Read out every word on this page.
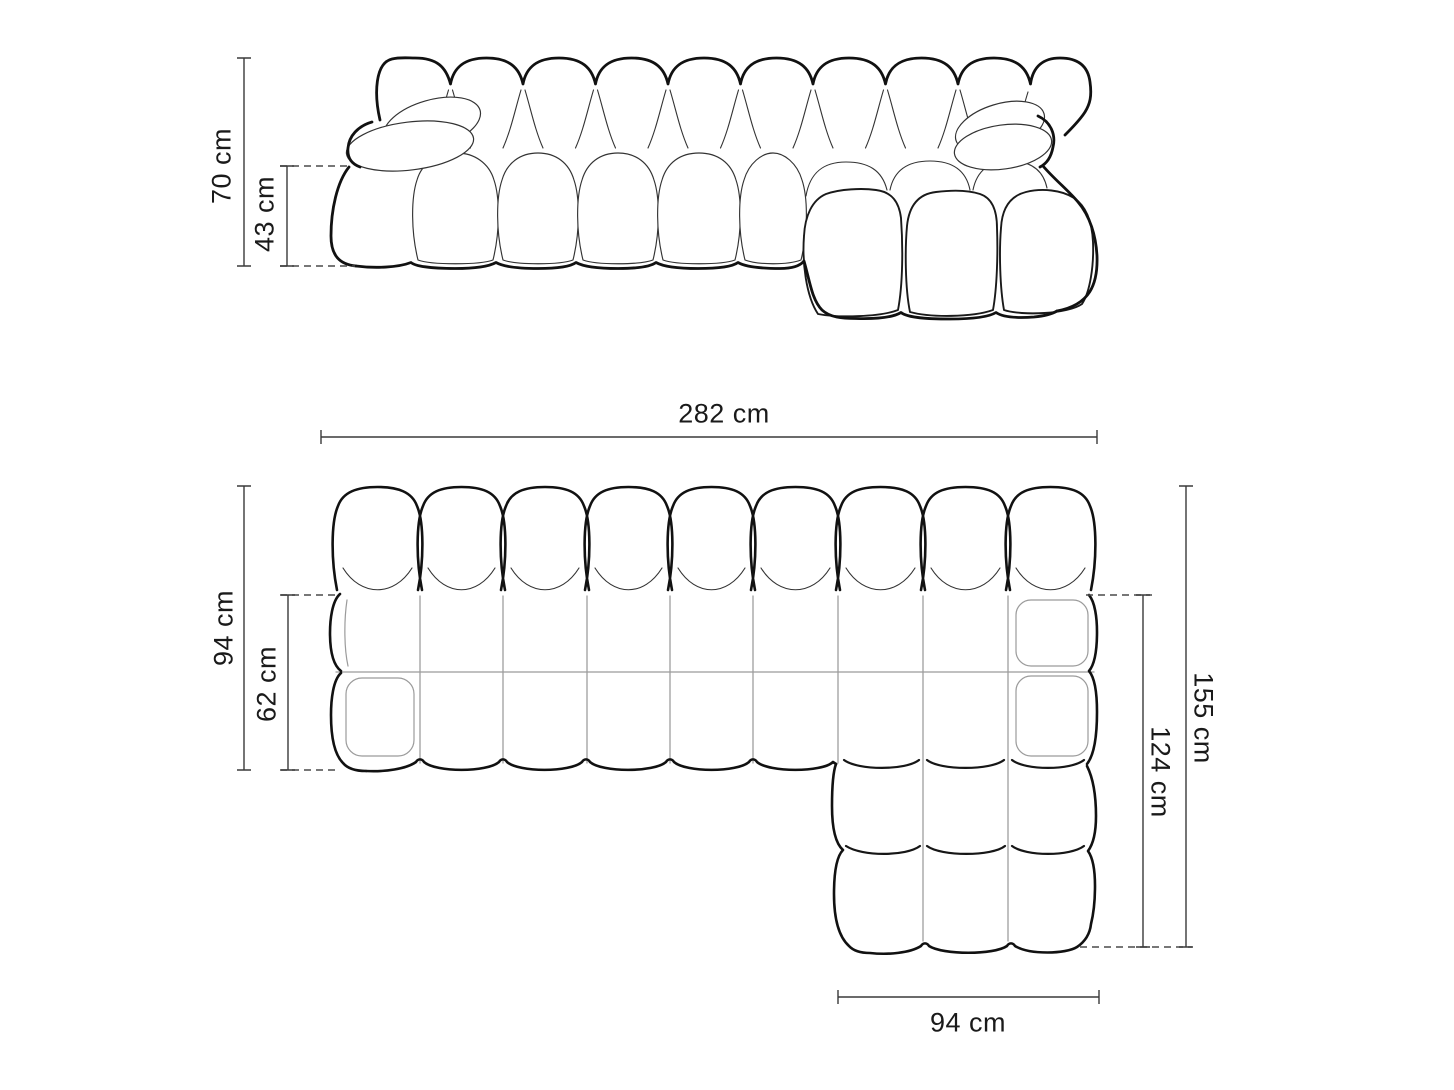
70 cm
43 cm
282 cm
94 cm
62 cm	155 cm
124 cm
94 cm
